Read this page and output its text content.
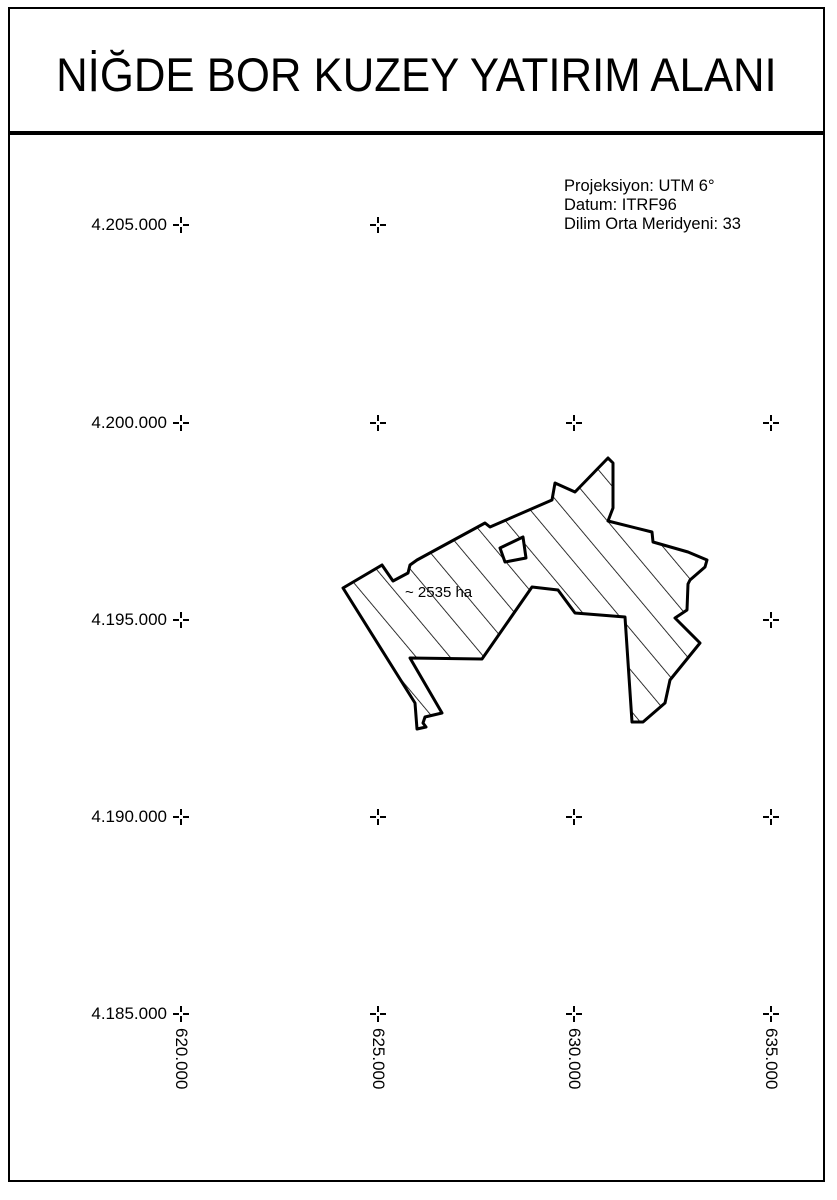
NİĞDE BOR KUZEY YATIRIM ALANI
Projeksiyon: UTM 6°
Datum: ITRF96
Dilim Orta Meridyeni: 33
~ 2535 ha
4.205.000
4.200.000
4.195.000
4.190.000
4.185.000
620.000	625.000	630.000	635.000
